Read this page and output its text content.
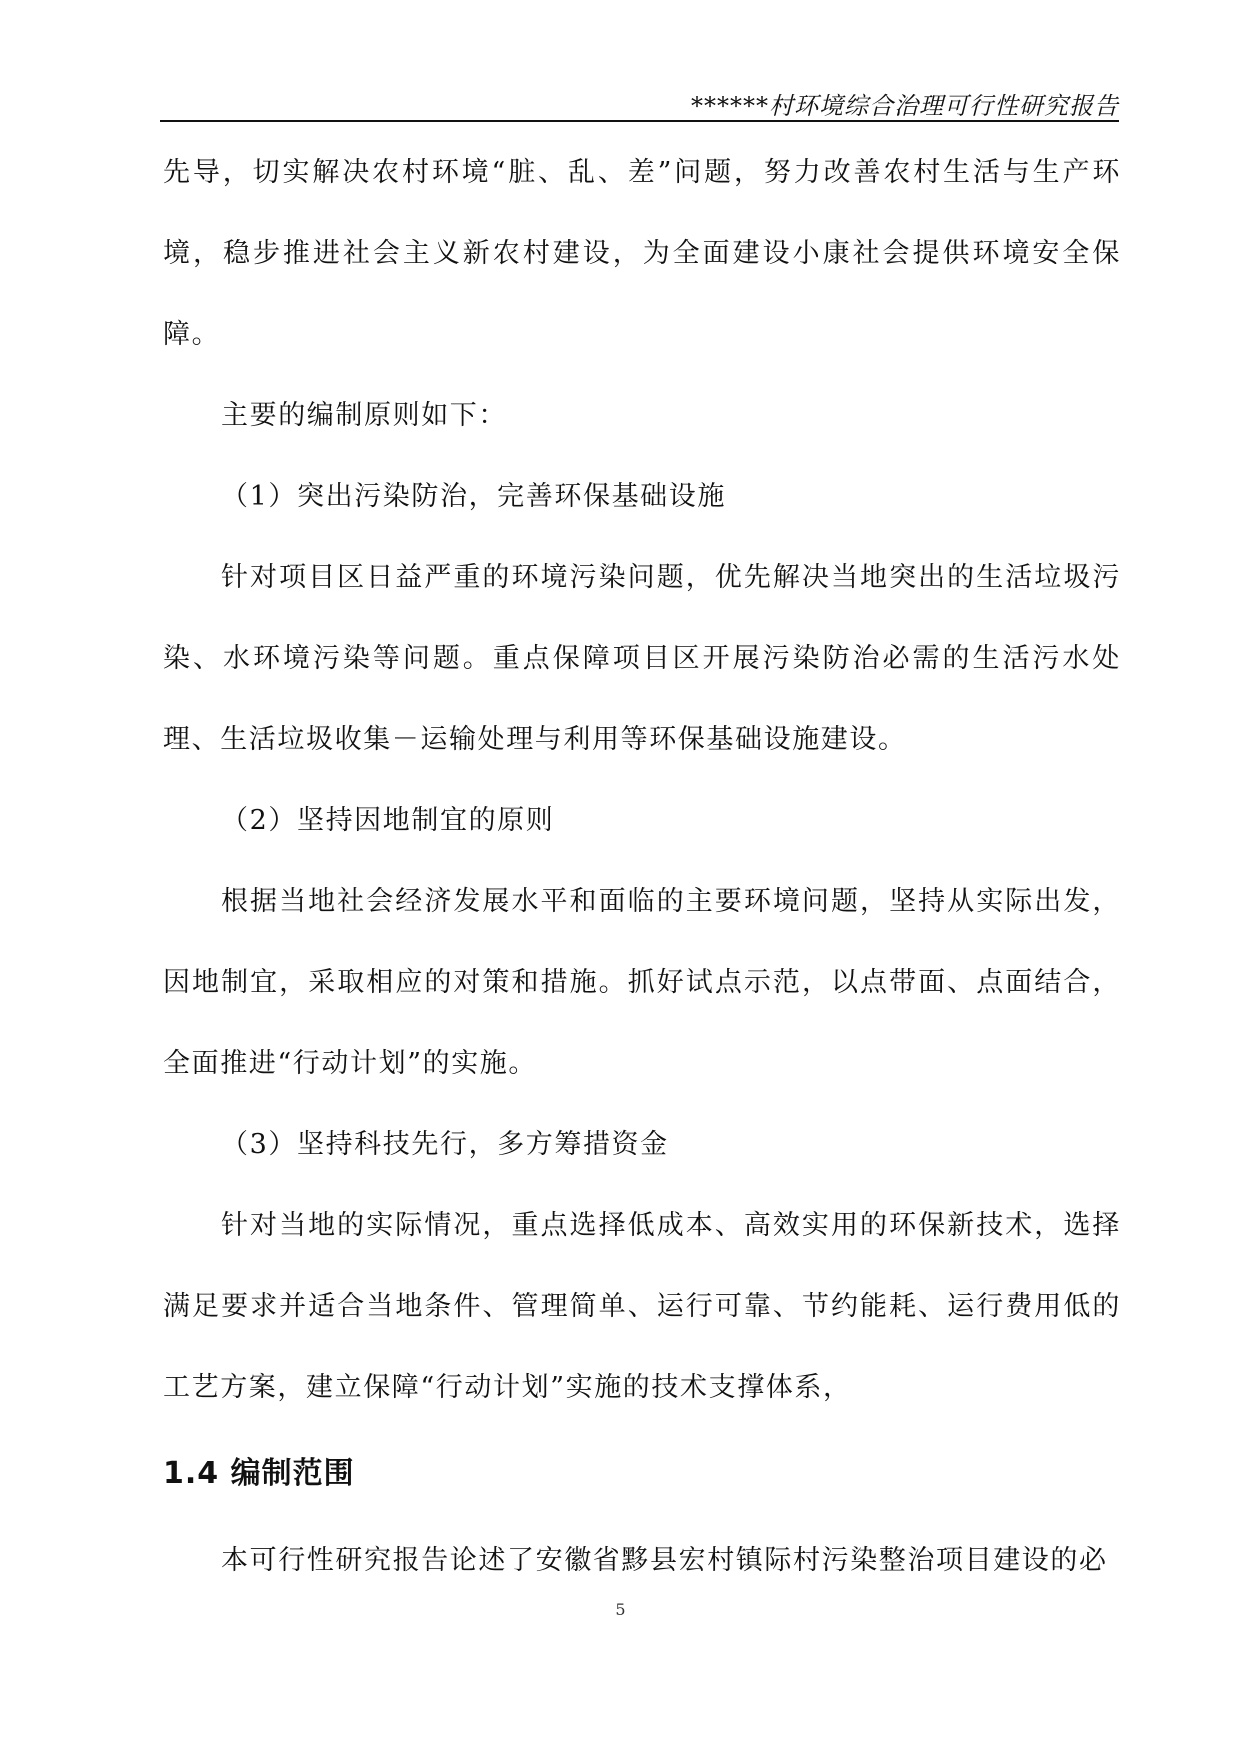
******村环境综合治理可行性研究报告

先导，切实解决农村环境“脏、乱、差”问题，努力改善农村生活与生产环境，稳步推进社会主义新农村建设，为全面建设小康社会提供环境安全保障。

主要的编制原则如下：

（1）突出污染防治，完善环保基础设施

针对项目区日益严重的环境污染问题，优先解决当地突出的生活垃圾污染、水环境污染等问题。重点保障项目区开展污染防治必需的生活污水处理、生活垃圾收集－运输处理与利用等环保基础设施建设。

（2）坚持因地制宜的原则

根据当地社会经济发展水平和面临的主要环境问题，坚持从实际出发，因地制宜，采取相应的对策和措施。抓好试点示范，以点带面、点面结合，全面推进“行动计划”的实施。

（3）坚持科技先行，多方筹措资金

针对当地的实际情况，重点选择低成本、高效实用的环保新技术，选择满足要求并适合当地条件、管理简单、运行可靠、节约能耗、运行费用低的工艺方案，建立保障“行动计划”实施的技术支撑体系，

1.4 编制范围

本可行性研究报告论述了安徽省黟县宏村镇际村污染整治项目建设的必

5
